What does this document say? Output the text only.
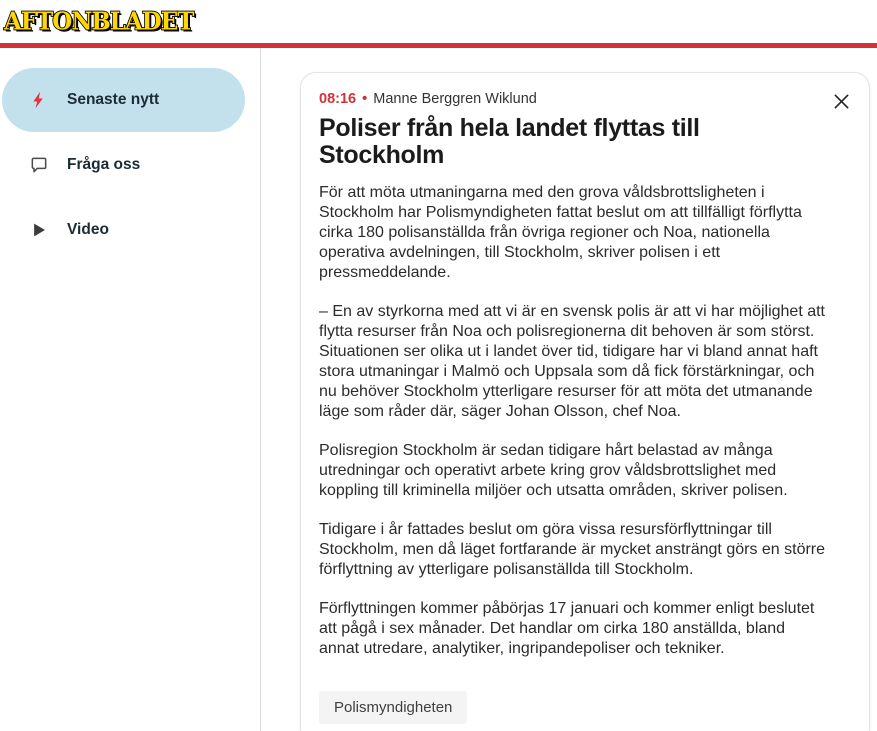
AFTONBLADET
Senaste nytt
Fråga oss
Video
08:16 • Manne Berggren Wiklund
Poliser från hela landet flyttas till Stockholm

För att möta utmaningarna med den grova våldsbrottsligheten i Stockholm har Polismyndigheten fattat beslut om att tillfälligt förflytta cirka 180 polisanställda från övriga regioner och Noa, nationella operativa avdelningen, till Stockholm, skriver polisen i ett pressmeddelande.

– En av styrkorna med att vi är en svensk polis är att vi har möjlighet att flytta resurser från Noa och polisregionerna dit behoven är som störst. Situationen ser olika ut i landet över tid, tidigare har vi bland annat haft stora utmaningar i Malmö och Uppsala som då fick förstärkningar, och nu behöver Stockholm ytterligare resurser för att möta det utmanande läge som råder där, säger Johan Olsson, chef Noa.

Polisregion Stockholm är sedan tidigare hårt belastad av många utredningar och operativt arbete kring grov våldsbrottslighet med koppling till kriminella miljöer och utsatta områden, skriver polisen.

Tidigare i år fattades beslut om göra vissa resursförflyttningar till Stockholm, men då läget fortfarande är mycket ansträngt görs en större förflyttning av ytterligare polisanställda till Stockholm.

Förflyttningen kommer påbörjas 17 januari och kommer enligt beslutet att pågå i sex månader. Det handlar om cirka 180 anställda, bland annat utredare, analytiker, ingripandepoliser och tekniker.

Polismyndigheten
